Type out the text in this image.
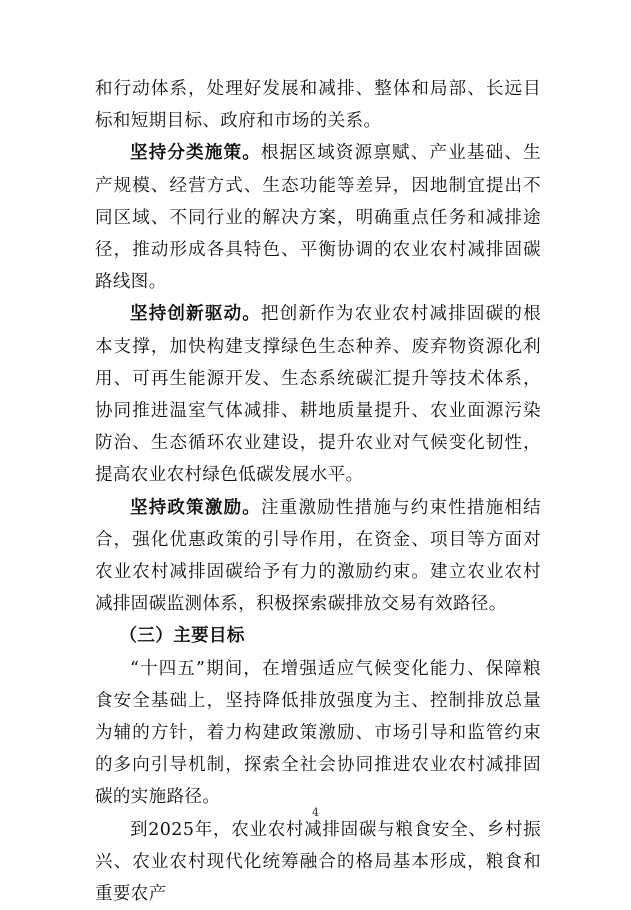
和行动体系，处理好发展和减排、整体和局部、长远目标和短期目标、政府和市场的关系。

坚持分类施策。根据区域资源禀赋、产业基础、生产规模、经营方式、生态功能等差异，因地制宜提出不同区域、不同行业的解决方案，明确重点任务和减排途径，推动形成各具特色、平衡协调的农业农村减排固碳路线图。

坚持创新驱动。把创新作为农业农村减排固碳的根本支撑，加快构建支撑绿色生态种养、废弃物资源化利用、可再生能源开发、生态系统碳汇提升等技术体系，协同推进温室气体减排、耕地质量提升、农业面源污染防治、生态循环农业建设，提升农业对气候变化韧性，提高农业农村绿色低碳发展水平。

坚持政策激励。注重激励性措施与约束性措施相结合，强化优惠政策的引导作用，在资金、项目等方面对农业农村减排固碳给予有力的激励约束。建立农业农村减排固碳监测体系，积极探索碳排放交易有效路径。

（三）主要目标

“十四五”期间，在增强适应气候变化能力、保障粮食安全基础上，坚持降低排放强度为主、控制排放总量为辅的方针，着力构建政策激励、市场引导和监管约束的多向引导机制，探索全社会协同推进农业农村减排固碳的实施路径。

到2025年，农业农村减排固碳与粮食安全、乡村振兴、农业农村现代化统筹融合的格局基本形成，粮食和重要农产

4
